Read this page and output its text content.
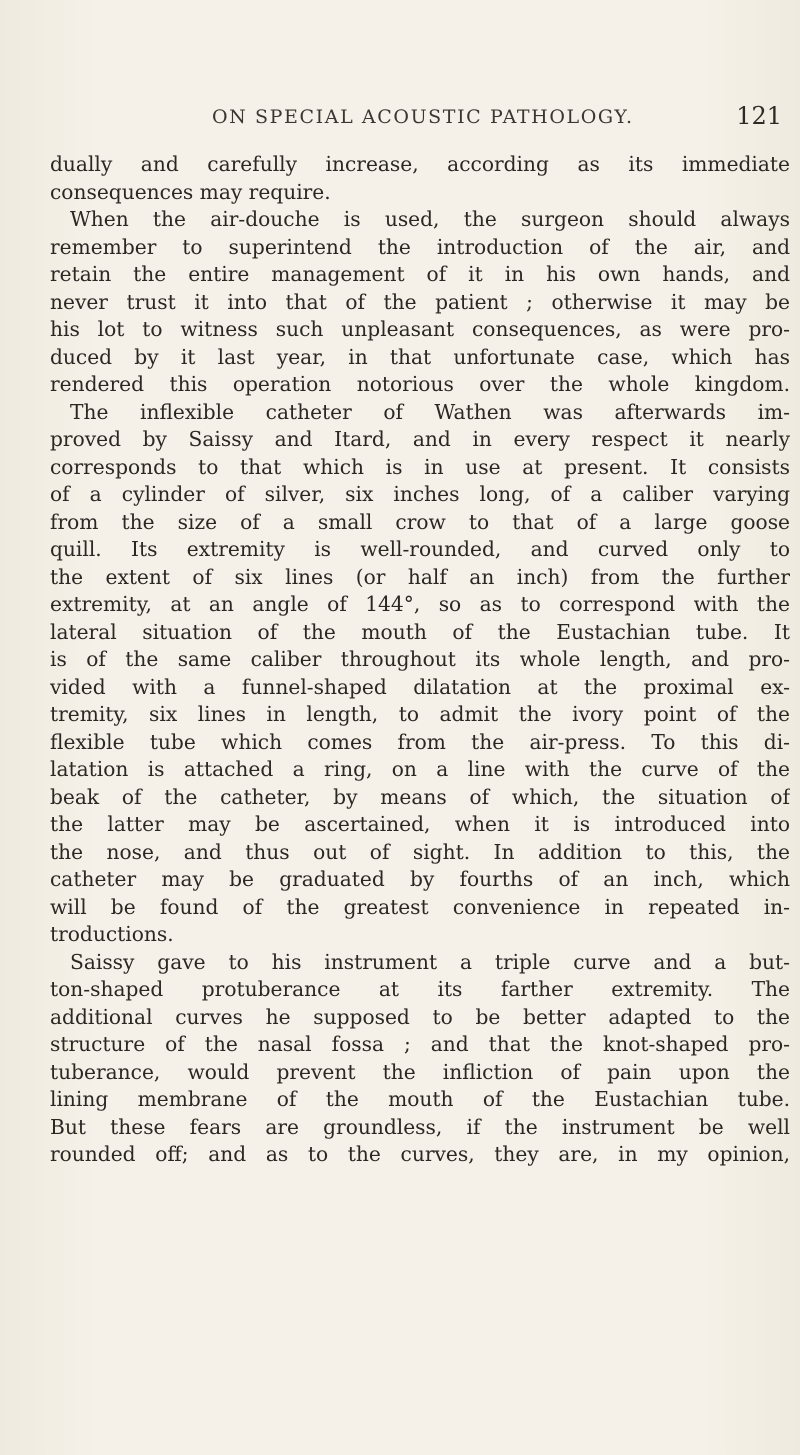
ON SPECIAL ACOUSTIC PATHOLOGY.	121
dually and carefully increase, according as its immediate
consequences may require.
When the air-douche is used, the surgeon should always
remember to superintend the introduction of the air, and
retain the entire management of it in his own hands, and
never trust it into that of the patient ; otherwise it may be
his lot to witness such unpleasant consequences, as were pro-
duced by it last year, in that unfortunate case, which has
rendered this operation notorious over the whole kingdom.
The inflexible catheter of Wathen was afterwards im-
proved by Saissy and Itard, and in every respect it nearly
corresponds to that which is in use at present. It consists
of a cylinder of silver, six inches long, of a caliber varying
from the size of a small crow to that of a large goose
quill. Its extremity is well-rounded, and curved only to
the extent of six lines (or half an inch) from the further
extremity, at an angle of 144°, so as to correspond with the
lateral situation of the mouth of the Eustachian tube. It
is of the same caliber throughout its whole length, and pro-
vided with a funnel-shaped dilatation at the proximal ex-
tremity, six lines in length, to admit the ivory point of the
flexible tube which comes from the air-press. To this di-
latation is attached a ring, on a line with the curve of the
beak of the catheter, by means of which, the situation of
the latter may be ascertained, when it is introduced into
the nose, and thus out of sight. In addition to this, the
catheter may be graduated by fourths of an inch, which
will be found of the greatest convenience in repeated in-
troductions.
Saissy gave to his instrument a triple curve and a but-
ton-shaped protuberance at its farther extremity. The
additional curves he supposed to be better adapted to the
structure of the nasal fossa ; and that the knot-shaped pro-
tuberance, would prevent the infliction of pain upon the
lining membrane of the mouth of the Eustachian tube.
But these fears are groundless, if the instrument be well
rounded off; and as to the curves, they are, in my opinion,
